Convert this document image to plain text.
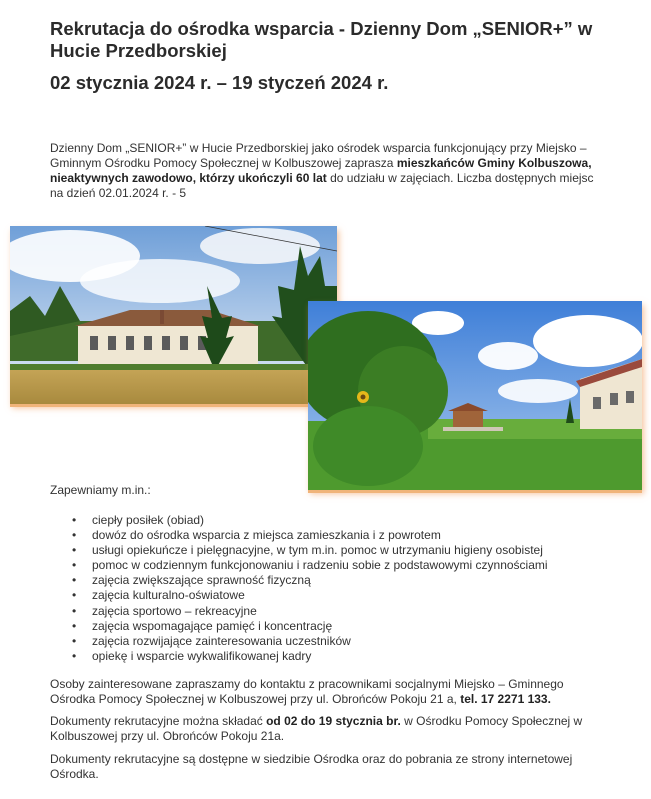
Rekrutacja do ośrodka wsparcia - Dzienny Dom „SENIOR+” w Hucie Przedborskiej
02 stycznia 2024 r. – 19 styczeń 2024 r.

Dzienny Dom „SENIOR+” w Hucie Przedborskiej jako ośrodek wsparcia funkcjonujący przy Miejsko – Gminnym Ośrodku Pomocy Społecznej w Kolbuszowej zaprasza mieszkańców Gminy Kolbuszowa, nieaktywnych zawodowo, którzy ukończyli 60 lat do udziału w zajęciach. Liczba dostępnych miejsc na dzień 02.01.2024 r. - 5

Zapewniamy m.in.:

• ciepły posiłek (obiad)
• dowóz do ośrodka wsparcia z miejsca zamieszkania i z powrotem
• usługi opiekuńcze i pielęgnacyjne, w tym m.in. pomoc w utrzymaniu higieny osobistej
• pomoc w codziennym funkcjonowaniu i radzeniu sobie z podstawowymi czynnościami
• zajęcia zwiększające sprawność fizyczną
• zajęcia kulturalno-oświatowe
• zajęcia sportowo – rekreacyjne
• zajęcia wspomagające pamięć i koncentrację
• zajęcia rozwijające zainteresowania uczestników
• opiekę i wsparcie wykwalifikowanej kadry

Osoby zainteresowane zapraszamy do kontaktu z pracownikami socjalnymi Miejsko – Gminnego Ośrodka Pomocy Społecznej w Kolbuszowej przy ul. Obrońców Pokoju 21 a, tel. 17 2271 133.

Dokumenty rekrutacyjne można składać od 02 do 19 stycznia br. w Ośrodku Pomocy Społecznej w Kolbuszowej przy ul. Obrońców Pokoju 21a.

Dokumenty rekrutacyjne są dostępne w siedzibie Ośrodka oraz do pobrania ze strony internetowej Ośrodka.
